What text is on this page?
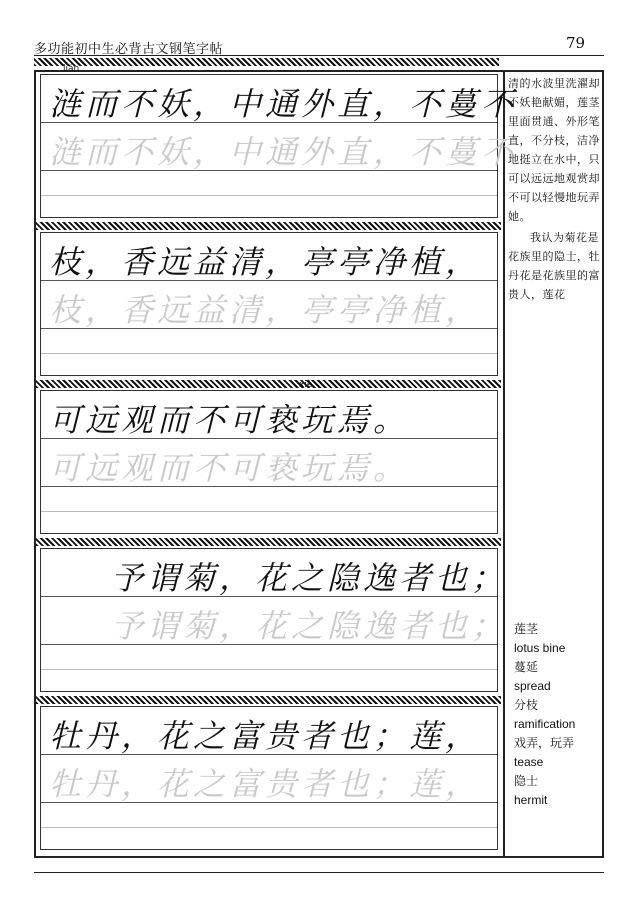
多功能初中生必背古文钢笔字帖	79
lián
涟而不妖，中通外直，不蔓不
涟而不妖，中通外直，不蔓不
枝，香远益清，亭亭净植，
枝，香远益清，亭亭净植，
xiè
可远观而不可亵玩焉。
可远观而不可亵玩焉。
予谓菊，花之隐逸者也；
予谓菊，花之隐逸者也；
牡丹，花之富贵者也；莲，
牡丹，花之富贵者也；莲，

清的水波里洗濯却不妖艳献媚，莲茎里面贯通、外形笔直，不分枝，洁净地挺立在水中，只可以远远地观赏却不可以轻慢地玩弄她。

我认为菊花是花族里的隐士，牡丹花是花族里的富贵人，莲花

莲茎
lotus bine
蔓延
spread
分枝
ramification
戏弄，玩弄
tease
隐士
hermit
